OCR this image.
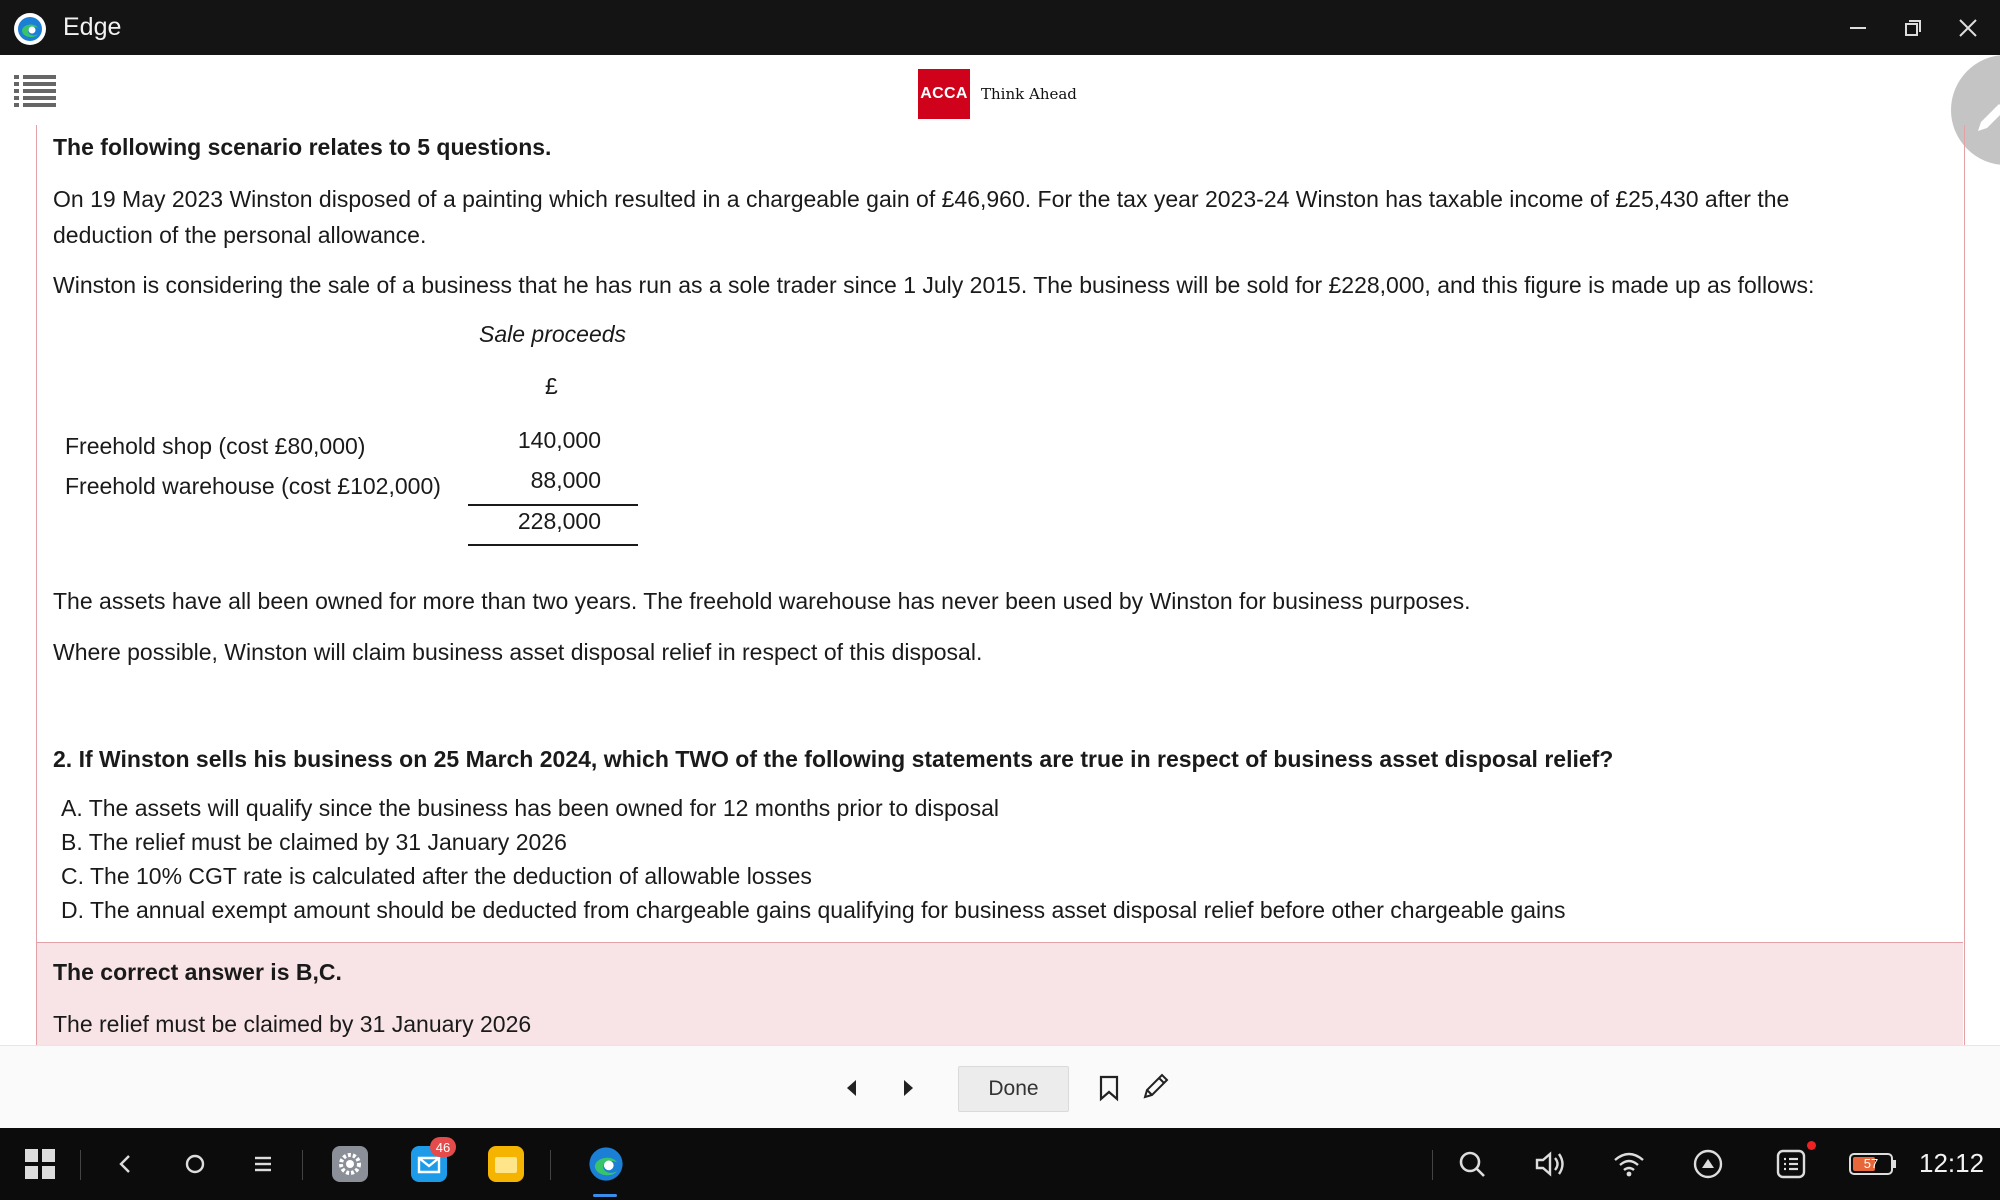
Edge
ACCA Think Ahead
The following scenario relates to 5 questions.
On 19 May 2023 Winston disposed of a painting which resulted in a chargeable gain of £46,960. For the tax year 2023-24 Winston has taxable income of £25,430 after the
deduction of the personal allowance.
Winston is considering the sale of a business that he has run as a sole trader since 1 July 2015. The business will be sold for £228,000, and this figure is made up as follows:
Sale proceeds
£
Freehold shop (cost £80,000)	140,000
Freehold warehouse (cost £102,000)	88,000
228,000
The assets have all been owned for more than two years. The freehold warehouse has never been used by Winston for business purposes.
Where possible, Winston will claim business asset disposal relief in respect of this disposal.
2. If Winston sells his business on 25 March 2024, which TWO of the following statements are true in respect of business asset disposal relief?
A. The assets will qualify since the business has been owned for 12 months prior to disposal
B. The relief must be claimed by 31 January 2026
C. The 10% CGT rate is calculated after the deduction of allowable losses
D. The annual exempt amount should be deducted from chargeable gains qualifying for business asset disposal relief before other chargeable gains
The correct answer is B,C.
The relief must be claimed by 31 January 2026
Done
57
46
12:12
